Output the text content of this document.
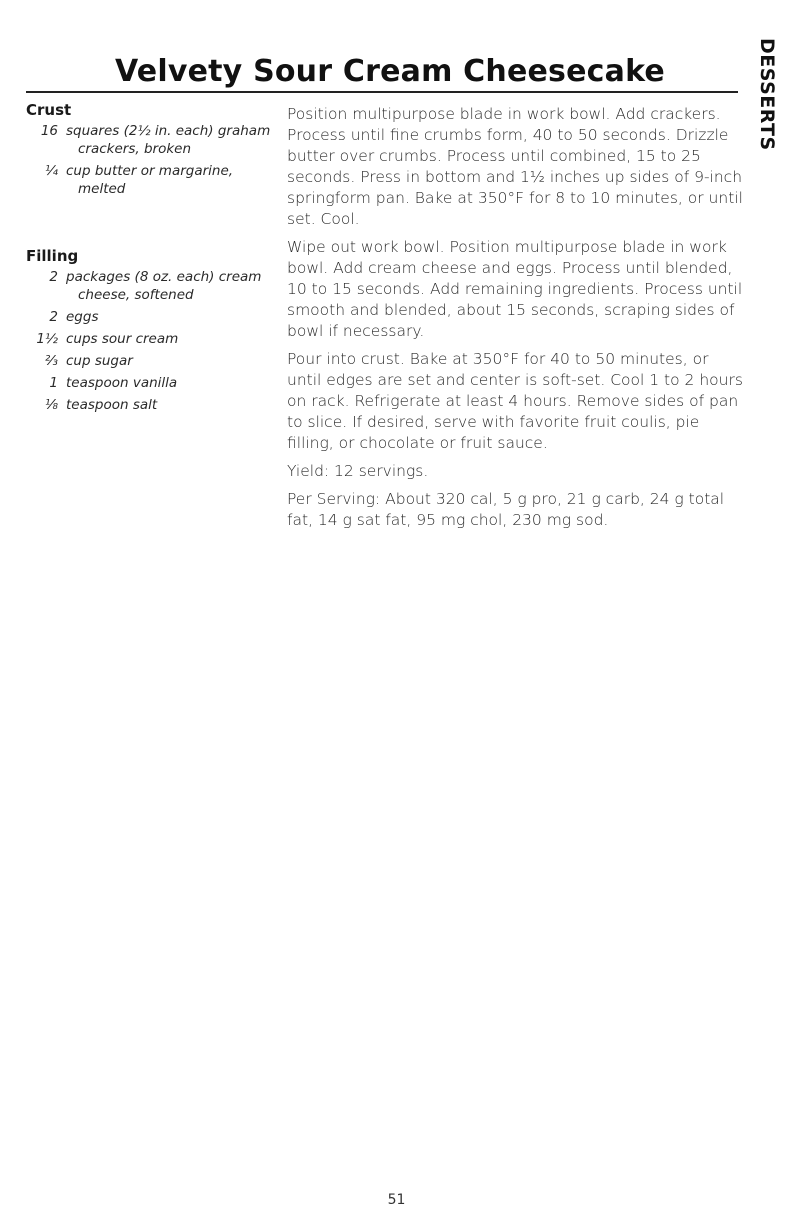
Velvety Sour Cream Cheesecake	DESSERTS
Crust
16 squares (2½ in. each) graham crackers, broken
¼ cup butter or margarine, melted
Filling
2 packages (8 oz. each) cream cheese, softened
2 eggs
1½ cups sour cream
⅔ cup sugar
1 teaspoon vanilla
⅛ teaspoon salt

Position multipurpose blade in work bowl. Add crackers. Process until fine crumbs form, 40 to 50 seconds. Drizzle butter over crumbs. Process until combined, 15 to 25 seconds. Press in bottom and 1½ inches up sides of 9-inch springform pan. Bake at 350°F for 8 to 10 minutes, or until set. Cool.

Wipe out work bowl. Position multipurpose blade in work bowl. Add cream cheese and eggs. Process until blended, 10 to 15 seconds. Add remaining ingredients. Process until smooth and blended, about 15 seconds, scraping sides of bowl if necessary.

Pour into crust. Bake at 350°F for 40 to 50 minutes, or until edges are set and center is soft-set. Cool 1 to 2 hours on rack. Refrigerate at least 4 hours. Remove sides of pan to slice. If desired, serve with favorite fruit coulis, pie filling, or chocolate or fruit sauce.

Yield: 12 servings.

Per Serving: About 320 cal, 5 g pro, 21 g carb, 24 g total fat, 14 g sat fat, 95 mg chol, 230 mg sod.

51
